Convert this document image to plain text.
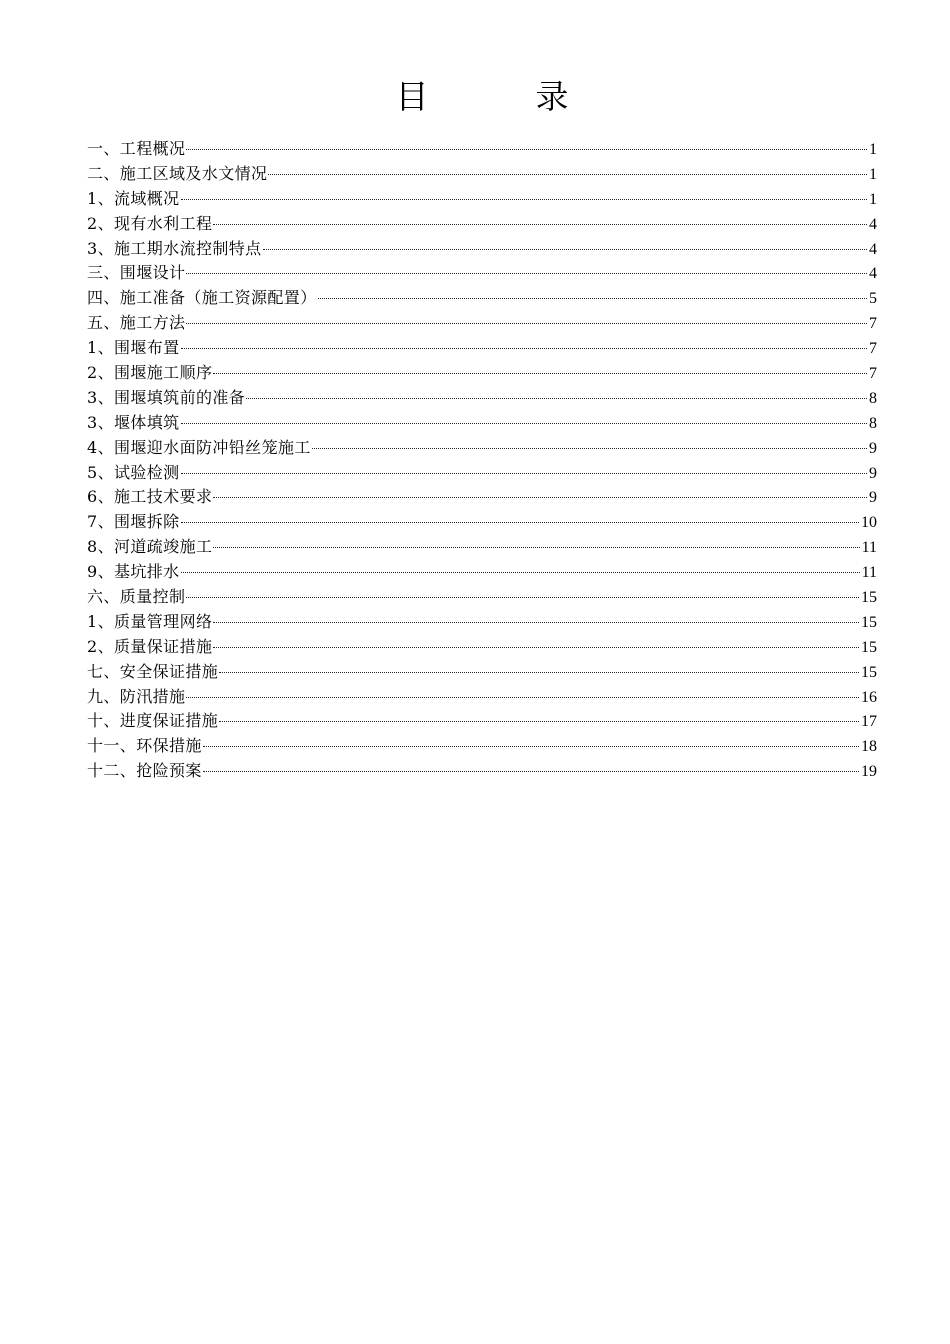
目　　　录
一、工程概况	1
二、施工区域及水文情况	1
1、流域概况	1
2、现有水利工程	4
3、施工期水流控制特点	4
三、围堰设计	4
四、施工准备（施工资源配置）	5
五、施工方法	7
1、围堰布置	7
2、围堰施工顺序	7
3、围堰填筑前的准备	8
3、堰体填筑	8
4、围堰迎水面防冲铅丝笼施工	9
5、试验检测	9
6、施工技术要求	9
7、围堰拆除	10
8、河道疏竣施工	11
9、基坑排水	11
六、质量控制	15
1、质量管理网络	15
2、质量保证措施	15
七、安全保证措施	15
九、防汛措施	16
十、进度保证措施	17
十一、环保措施	18
十二、抢险预案	19
